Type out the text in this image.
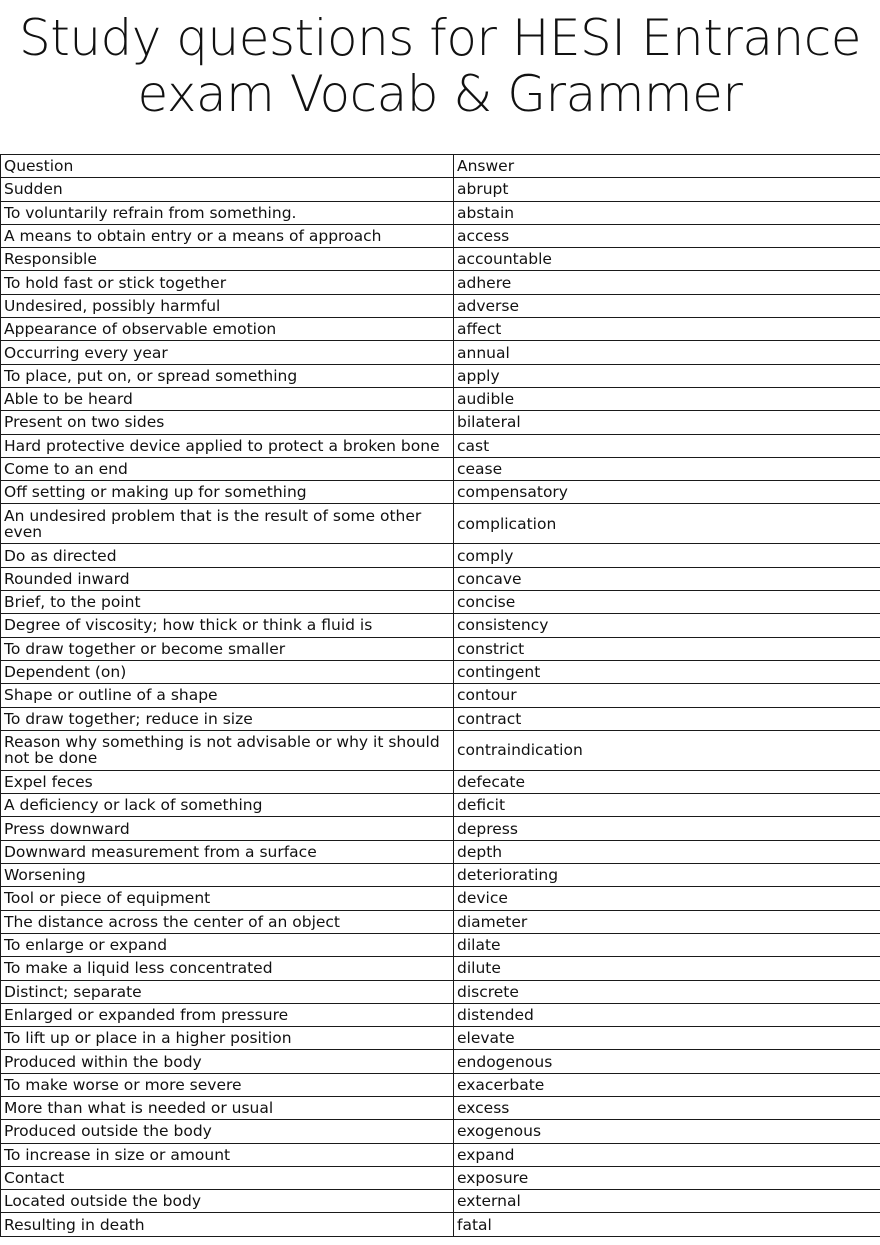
Study questions for HESI Entrance
exam Vocab & Grammer
Question	Answer
Sudden	abrupt
To voluntarily refrain from something.	abstain
A means to obtain entry or a means of approach	access
Responsible	accountable
To hold fast or stick together	adhere
Undesired, possibly harmful	adverse
Appearance of observable emotion	affect
Occurring every year	annual
To place, put on, or spread something	apply
Able to be heard	audible
Present on two sides	bilateral
Hard protective device applied to protect a broken bone	cast
Come to an end	cease
Off setting or making up for something	compensatory
An undesired problem that is the result of some other even	complication
Do as directed	comply
Rounded inward	concave
Brief, to the point	concise
Degree of viscosity; how thick or think a fluid is	consistency
To draw together or become smaller	constrict
Dependent (on)	contingent
Shape or outline of a shape	contour
To draw together; reduce in size	contract
Reason why something is not advisable or why it should not be done	contraindication
Expel feces	defecate
A deficiency or lack of something	deficit
Press downward	depress
Downward measurement from a surface	depth
Worsening	deteriorating
Tool or piece of equipment	device
The distance across the center of an object	diameter
To enlarge or expand	dilate
To make a liquid less concentrated	dilute
Distinct; separate	discrete
Enlarged or expanded from pressure	distended
To lift up or place in a higher position	elevate
Produced within the body	endogenous
To make worse or more severe	exacerbate
More than what is needed or usual	excess
Produced outside the body	exogenous
To increase in size or amount	expand
Contact	exposure
Located outside the body	external
Resulting in death	fatal
